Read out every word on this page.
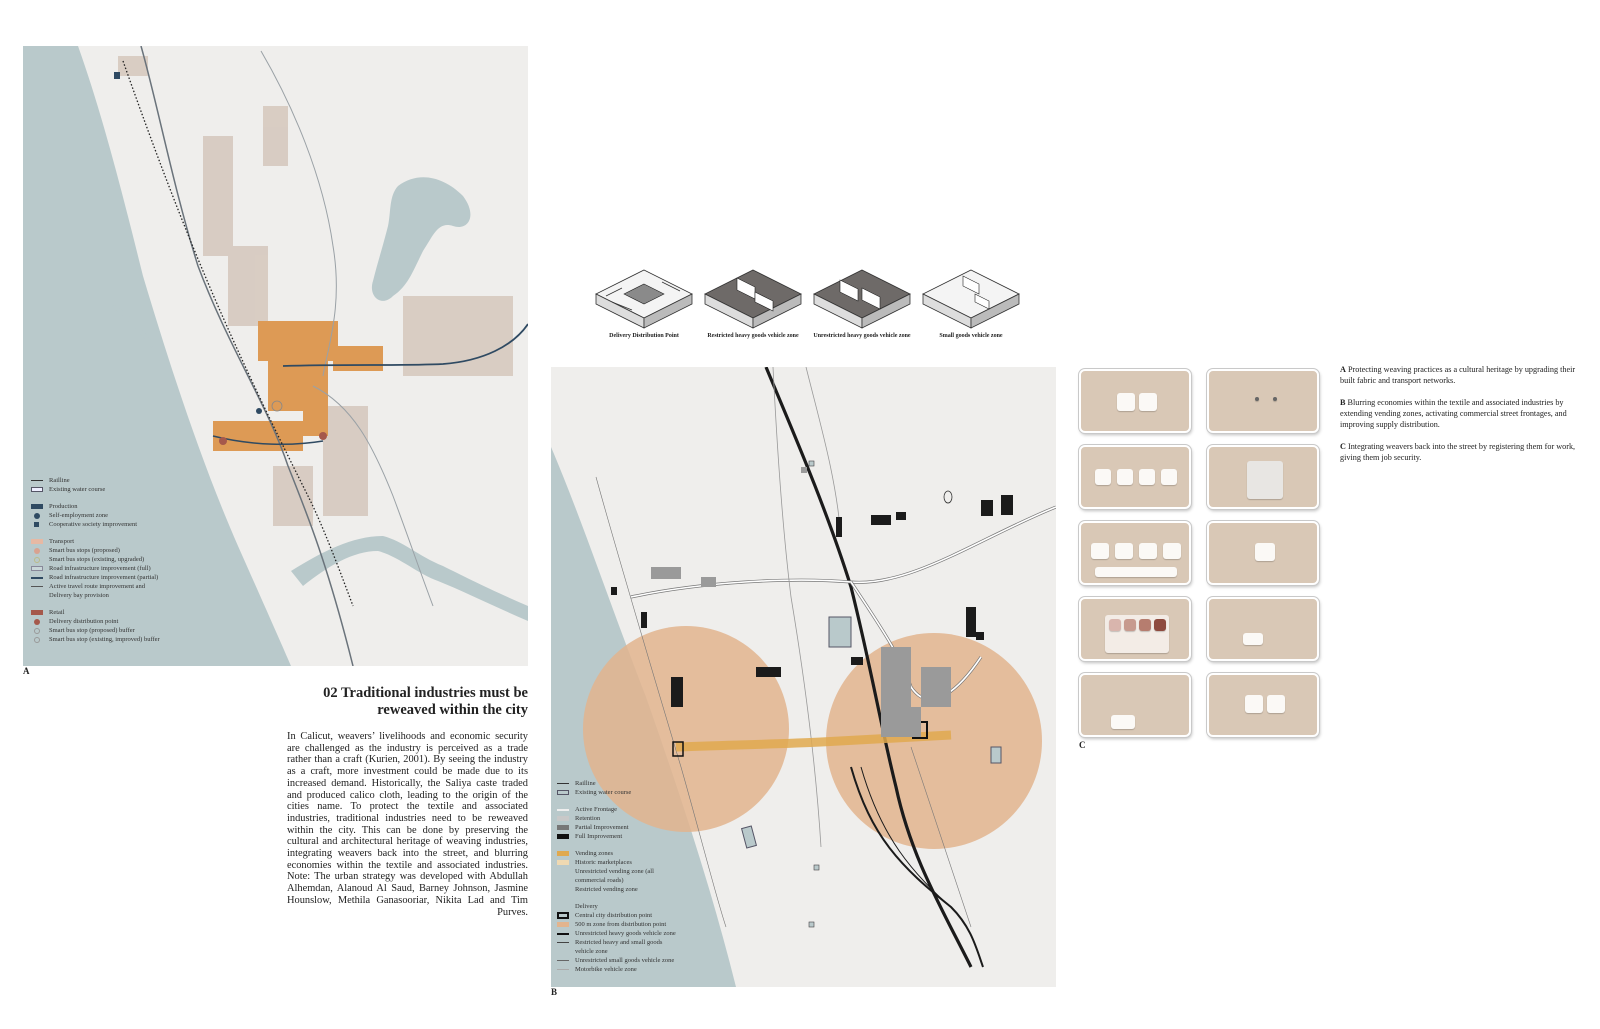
Railline
Existing water course
Production
Self-employment zone
Cooperative society improvement
Transport
Smart bus stops (proposed)
Smart bus stops (existing, upgraded)
Road infrastructure improvement (full)
Road infrastructure improvement (partial)
Active travel route improvement and
Delivery bay provision
Retail
Delivery distribution point
Smart bus stop (proposed) buffer
Smart bus stop (existing, improved) buffer
A
02 Traditional industries must be reweaved within the city
In Calicut, weavers’ livelihoods and economic security are challenged as the industry is perceived as a trade rather than a craft (Kurien, 2001). By seeing the industry as a craft, more investment could be made due to its increased demand. Historically, the Saliya caste traded and produced calico cloth, leading to the origin of the cities name. To protect the textile and associated industries, traditional industries need to be reweaved within the city. This can be done by preserving the cultural and architectural heritage of weaving industries, integrating weavers back into the street, and blurring economies within the textile and associated industries. Note: The urban strategy was developed with Abdullah Alhemdan, Alanoud Al Saud, Barney Johnson, Jasmine Hounslow, Methila Ganasooriar, Nikita Lad and Tim Purves.
Delivery Distribution Point	Restricted heavy goods vehicle zone	Unrestricted heavy goods vehicle zone	Small goods vehicle zone
Railline
Existing water course
Active Frontage
Retention
Partial Improvement
Full Improvement
Vending zones
Historic marketplaces
Unrestricted vending zone (all
commercial roads)
Restricted vending zone
Delivery
Central city distribution point
500 m zone from distribution point
Unrestricted heavy goods vehicle zone
Restricted heavy and small goods
vehicle zone
Unrestricted small goods vehicle zone
Motorbike vehicle zone
B
C

A Protecting weaving practices as a cultural heritage by upgrading their built fabric and transport networks.

B Blurring economies within the textile and associated industries by extending vending zones, activating commercial street frontages, and improving supply distribution.

C Integrating weavers back into the street by registering them for work, giving them job security.
